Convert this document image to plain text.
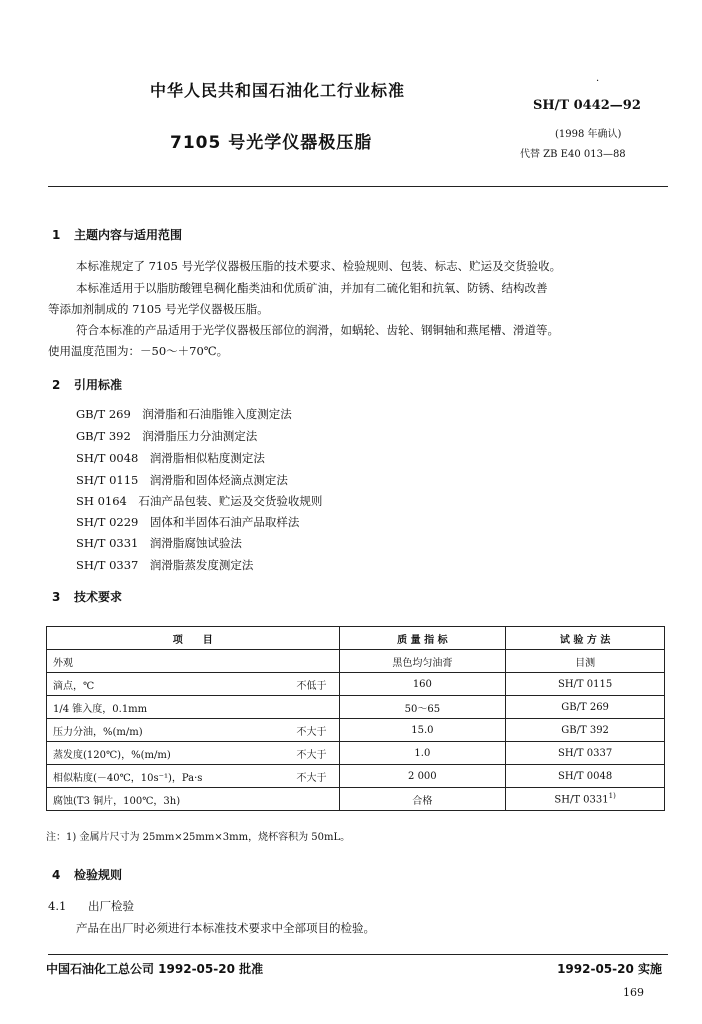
中华人民共和国石油化工行业标准	·
SH/T 0442—92
7105 号光学仪器极压脂	(1998 年确认)
代替 ZB E40 013—88
1 主题内容与适用范围
本标准规定了 7105 号光学仪器极压脂的技术要求、检验规则、包装、标志、贮运及交货验收。
本标准适用于以脂肪酸锂皂稠化酯类油和优质矿油，并加有二硫化钼和抗氧、防锈、结构改善
等添加剂制成的 7105 号光学仪器极压脂。
符合本标准的产品适用于光学仪器极压部位的润滑，如蜗轮、齿轮、钢铜轴和燕尾槽、滑道等。
使用温度范围为：－50～＋70℃。
2 引用标准
GB/T 269　润滑脂和石油脂锥入度测定法
GB/T 392　润滑脂压力分油测定法
SH/T 0048　润滑脂相似粘度测定法
SH/T 0115　润滑脂和固体烃滴点测定法
SH 0164　石油产品包装、贮运及交货验收规则
SH/T 0229　固体和半固体石油产品取样法
SH/T 0331　润滑脂腐蚀试验法
SH/T 0337　润滑脂蒸发度测定法
3 技术要求
项　　目	质 量 指 标	试 验 方 法
外观	黑色均匀油膏	目测
滴点，℃ 不低于	160	SH/T 0115
1/4 锥入度，0.1mm	50～65	GB/T 269
压力分油，%(m/m) 不大于	15.0	GB/T 392
蒸发度(120℃)，%(m/m) 不大于	1.0	SH/T 0337
相似粘度(－40℃，10s⁻¹)，Pa·s 不大于	2 000	SH/T 0048
腐蚀(T3 铜片，100℃，3h)	合格	SH/T 0331$^{1)}$
注：1) 金属片尺寸为 25mm×25mm×3mm，烧杯容积为 50mL。
4 检验规则
4.1 出厂检验
产品在出厂时必须进行本标准技术要求中全部项目的检验。
中国石油化工总公司 1992-05-20 批准	1992-05-20 实施
169
